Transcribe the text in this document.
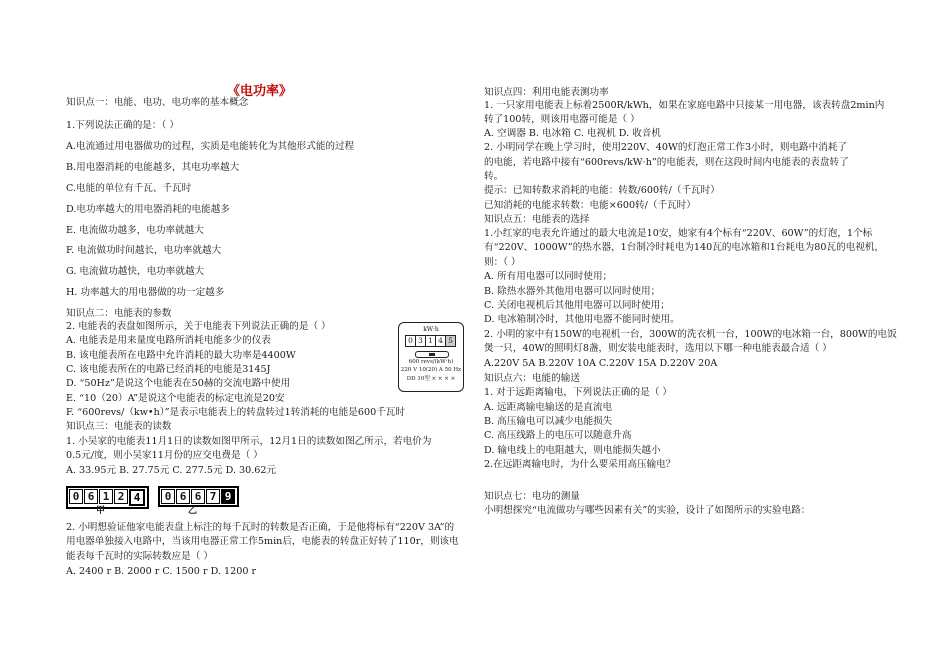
《电功率》
知识点一：电能、电功、电功率的基本概念
1.下列说法正确的是：（ ）
A.电流通过用电器做功的过程，实质是电能转化为其他形式能的过程
B.用电器消耗的电能越多，其电功率越大
C.电能的单位有千瓦、千瓦时
D.电功率越大的用电器消耗的电能越多
E. 电流做功越多，电功率就越大
F. 电流做功时间越长，电功率就越大
G. 电流做功越快，电功率就越大
H. 功率越大的用电器做的功一定越多
知识点二：电能表的参数
2. 电能表的表盘如图所示，关于电能表下列说法正确的是（ ）
A. 电能表是用来量度电路所消耗电能多少的仪表
B. 该电能表所在电路中允许消耗的最大功率是4400W
C. 该电能表所在的电路已经消耗的电能是3145J
D. “50Hz”是说这个电能表在50赫的交流电路中使用
E. “10（20）A”是说这个电能表的标定电流是20安
F. “600revs/（kw•h）”是表示电能表上的转盘转过1转消耗的电能是600千瓦时
知识点三：电能表的读数
1. 小吴家的电能表11月1日的读数如图甲所示，12月1日的读数如图乙所示，若电价为
0.5元/度，则小吴家11月份的应交电费是（ ）
A. 33.95元 B. 27.75元 C. 277.5元 D. 30.62元
2. 小明想验证他家电能表盘上标注的每千瓦时的转数是否正确，于是他将标有“220V 3A”的
用电器单独接入电路中，当该用电器正常工作5min后，电能表的转盘正好转了110r，则该电
能表每千瓦时的实际转数应是（ ）
A. 2400 r B. 2000 r C. 1500 r D. 1200 r
知识点四：利用电能表测功率
1. 一只家用电能表上标着2500R/kWh，如果在家庭电路中只接某一用电器，该表转盘2min内
转了100转，则该用电器可能是（ ）
A. 空调器 B. 电冰箱 C. 电视机 D. 收音机
2. 小明同学在晚上学习时，使用220V、40W的灯泡正常工作3小时，则电路中消耗了
的电能，若电路中接有“600revs/kW·h”的电能表，则在这段时间内电能表的表盘转了
转。
提示：已知转数求消耗的电能：转数/600转/（千瓦时）
已知消耗的电能求转数：电能×600转/（千瓦时）
知识点五：电能表的选择
1.小红家的电表允许通过的最大电流是10安，她家有4个标有“220V、60W”的灯泡，1个标
有“220V、1000W”的热水器，1台制冷时耗电为140瓦的电冰箱和1台耗电为80瓦的电视机，
则：（ ）
A. 所有用电器可以同时使用；
B. 除热水器外其他用电器可以同时使用；
C. 关闭电视机后其他用电器可以同时使用；
D. 电冰箱制冷时，其他用电器不能同时使用。
2. 小明的家中有150W的电视机一台，300W的洗衣机一台，100W的电冰箱一台，800W的电饭
煲一只，40W的照明灯8盏，则安装电能表时，选用以下哪一种电能表最合适（ ）
A.220V 5A B.220V 10A C.220V 15A D.220V 20A
知识点六：电能的输送
1. 对于远距离输电，下列说法正确的是（ ）
A. 远距离输电输送的是直流电
B. 高压输电可以减少电能损失
C. 高压线路上的电压可以随意升高
D. 输电线上的电阻越大，则电能损失越小
2.在远距离输电时，为什么要采用高压输电？
知识点七：电功的测量
小明想探究“电流做功与哪些因素有关”的实验，设计了如图所示的实验电路：
kW·h
0 3 1 4 5
600 revs/(kW·h)
220 V 10(20) A 50 Hz
DD 10型 × × × ×
0 6 1 2 4
甲
0 6 6 7 9
乙
